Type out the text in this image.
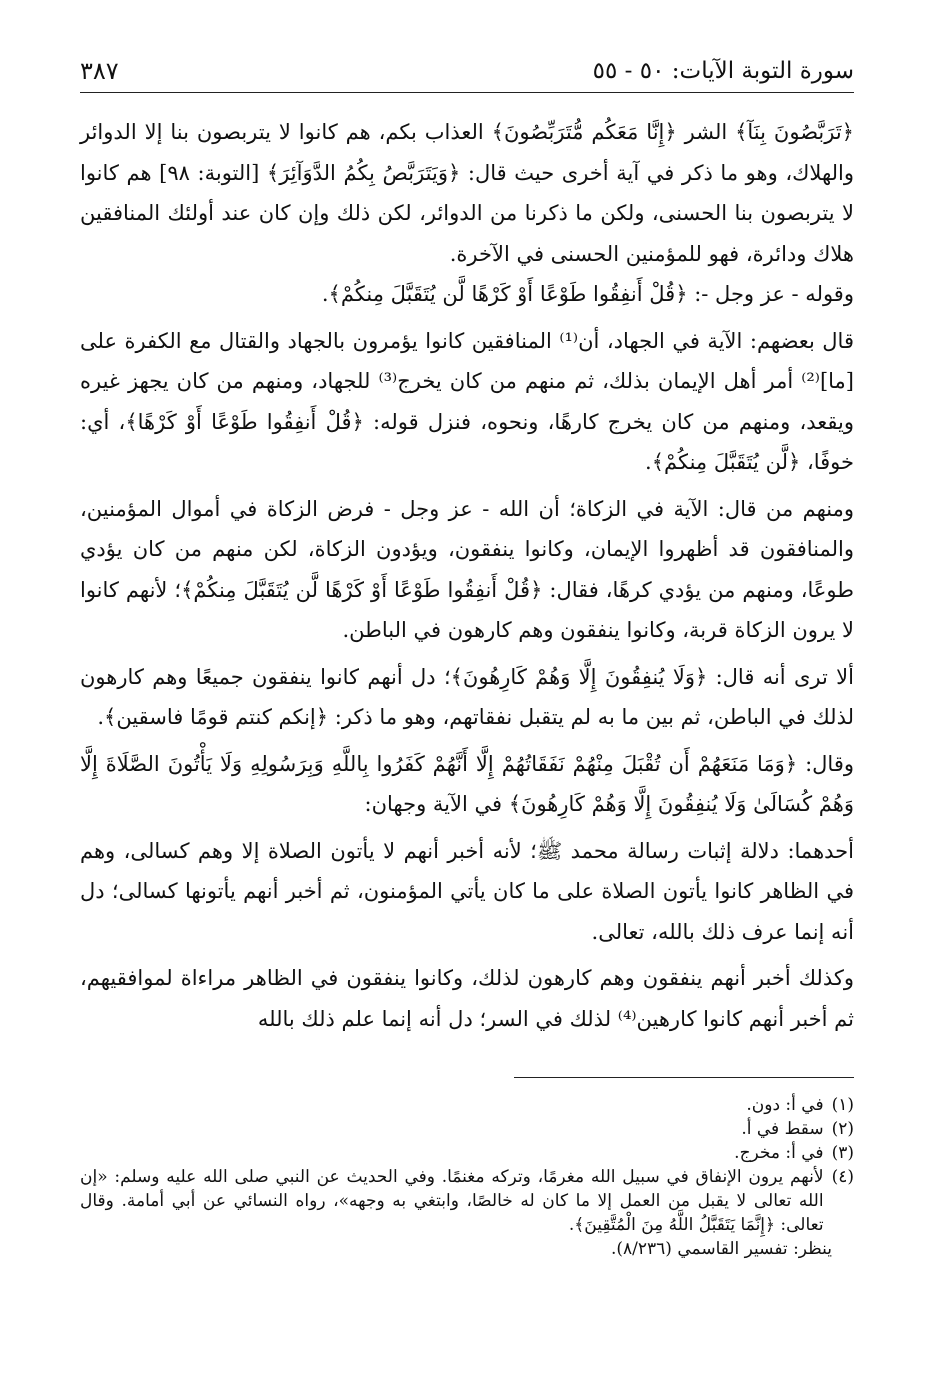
سورة التوبة الآيات: ٥٠ - ٥٥
٣٨٧

﴿تَرَبَّصُونَ بِنَآ﴾ الشر ﴿إِنَّا مَعَكُم مُّتَرَبِّصُونَ﴾ العذاب بكم، هم كانوا لا يتربصون بنا إلا الدوائر والهلاك، وهو ما ذكر في آية أخرى حيث قال: ﴿وَيَتَرَبَّصُ بِكُمُ الدَّوَآئِرَ﴾ [التوبة: ٩٨] هم كانوا لا يتربصون بنا الحسنى، ولكن ما ذكرنا من الدوائر، لكن ذلك وإن كان عند أولئك المنافقين هلاك ودائرة، فهو للمؤمنين الحسنى في الآخرة.

وقوله - عز وجل -: ﴿قُلْ أَنفِقُوا طَوْعًا أَوْ كَرْهًا لَّن يُتَقَبَّلَ مِنكُمْ﴾.

قال بعضهم: الآية في الجهاد، أن⁽¹⁾ المنافقين كانوا يؤمرون بالجهاد والقتال مع الكفرة على [ما]⁽²⁾ أمر أهل الإيمان بذلك، ثم منهم من كان يخرج⁽³⁾ للجهاد، ومنهم من كان يجهز غيره ويقعد، ومنهم من كان يخرج كارهًا، ونحوه، فنزل قوله: ﴿قُلْ أَنفِقُوا طَوْعًا أَوْ كَرْهًا﴾، أي: خوفًا، ﴿لَّن يُتَقَبَّلَ مِنكُمْ﴾.

ومنهم من قال: الآية في الزكاة؛ أن الله - عز وجل - فرض الزكاة في أموال المؤمنين، والمنافقون قد أظهروا الإيمان، وكانوا ينفقون، ويؤدون الزكاة، لكن منهم من كان يؤدي طوعًا، ومنهم من يؤدي كرهًا، فقال: ﴿قُلْ أَنفِقُوا طَوْعًا أَوْ كَرْهًا لَّن يُتَقَبَّلَ مِنكُمْ﴾؛ لأنهم كانوا لا يرون الزكاة قربة، وكانوا ينفقون وهم كارهون في الباطن.

ألا ترى أنه قال: ﴿وَلَا يُنفِقُونَ إِلَّا وَهُمْ كَارِهُونَ﴾؛ دل أنهم كانوا ينفقون جميعًا وهم كارهون لذلك في الباطن، ثم بين ما به لم يتقبل نفقاتهم، وهو ما ذكر: ﴿إنكم كنتم قومًا فاسقين﴾.

وقال: ﴿وَمَا مَنَعَهُمْ أَن تُقْبَلَ مِنْهُمْ نَفَقَاتُهُمْ إِلَّا أَنَّهُمْ كَفَرُوا بِاللَّهِ وَبِرَسُولِهِ وَلَا يَأْتُونَ الصَّلَاةَ إِلَّا وَهُمْ كُسَالَىٰ وَلَا يُنفِقُونَ إِلَّا وَهُمْ كَارِهُونَ﴾ في الآية وجهان:

أحدهما: دلالة إثبات رسالة محمد ﷺ؛ لأنه أخبر أنهم لا يأتون الصلاة إلا وهم كسالى، وهم في الظاهر كانوا يأتون الصلاة على ما كان يأتي المؤمنون، ثم أخبر أنهم يأتونها كسالى؛ دل أنه إنما عرف ذلك بالله، تعالى.

وكذلك أخبر أنهم ينفقون وهم كارهون لذلك، وكانوا ينفقون في الظاهر مراءاة لموافقيهم، ثم أخبر أنهم كانوا كارهين⁽⁴⁾ لذلك في السر؛ دل أنه إنما علم ذلك بالله

(١)
في أ: دون.
(٢)
سقط في أ.
(٣)
في أ: مخرج.
(٤)
لأنهم يرون الإنفاق في سبيل الله مغرمًا، وتركه مغنمًا. وفي الحديث عن النبي صلى الله عليه وسلم: «إن الله تعالى لا يقبل من العمل إلا ما كان له خالصًا، وابتغي به وجهه»، رواه النسائي عن أبي أمامة. وقال تعالى: ﴿إِنَّمَا يَتَقَبَّلُ اللَّهُ مِنَ الْمُتَّقِينَ﴾.
ينظر: تفسير القاسمي (٨/٢٣٦).
